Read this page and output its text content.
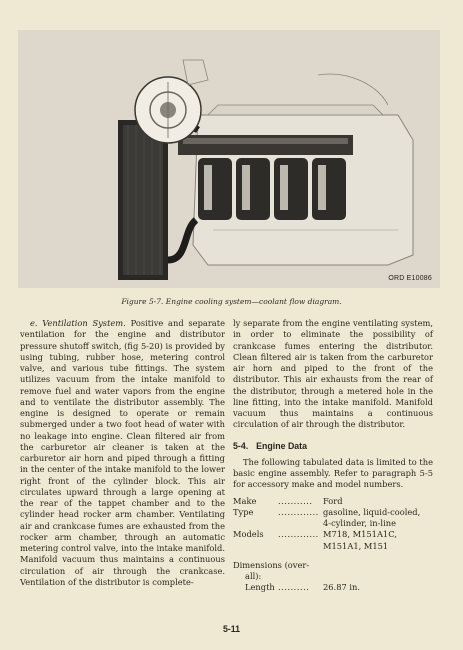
ORD E10086
Figure 5-7. Engine cooling system—coolant flow diagram.

e. Ventilation System. Positive and separate ventilation for the engine and distributor pressure shutoff switch, (fig 5-20) is provided by using tubing, rubber hose, metering control valve, and various tube fittings. The system utilizes vacuum from the intake manifold to remove fuel and water vapors from the engine and to ventilate the distributor assembly. The engine is designed to operate or remain submerged under a two foot head of water with no leakage into engine. Clean filtered air from the carburetor air cleaner is taken at the carburetor air horn and piped through a fitting in the center of the intake manifold to the lower right front of the cylinder block. This air circulates upward through a large opening at the rear of the tappet chamber and to the cylinder head rocker arm chamber. Ventilating air and crankcase fumes are exhausted from the rocker arm chamber, through an automatic metering control valve, into the intake manifold. Manifold vacuum thus maintains a continuous circulation of air through the crankcase. Ventilation of the distributor is complete-

ly separate from the engine ventilating system, in order to eliminate the possibility of crankcase fumes entering the distributor. Clean filtered air is taken from the carburetor air horn and piped to the front of the distributor. This air exhausts from the rear of the distributor, through a metered hole in the line fitting, into the intake manifold. Manifold vacuum thus maintains a continuous circulation of air through the distributor.

5-4. Engine Data

The following tabulated data is limited to the basic engine assembly. Refer to paragraph 5-5 for accessory make and model numbers.

Make	...........	Ford
Type	............. gasoline, liquid-cooled,
4-cylinder, in-line
Models	............. M718, M151A1C,
M151A1, M151
Dimensions (over-
all):
Length ..........	26.87 in.
5-11
